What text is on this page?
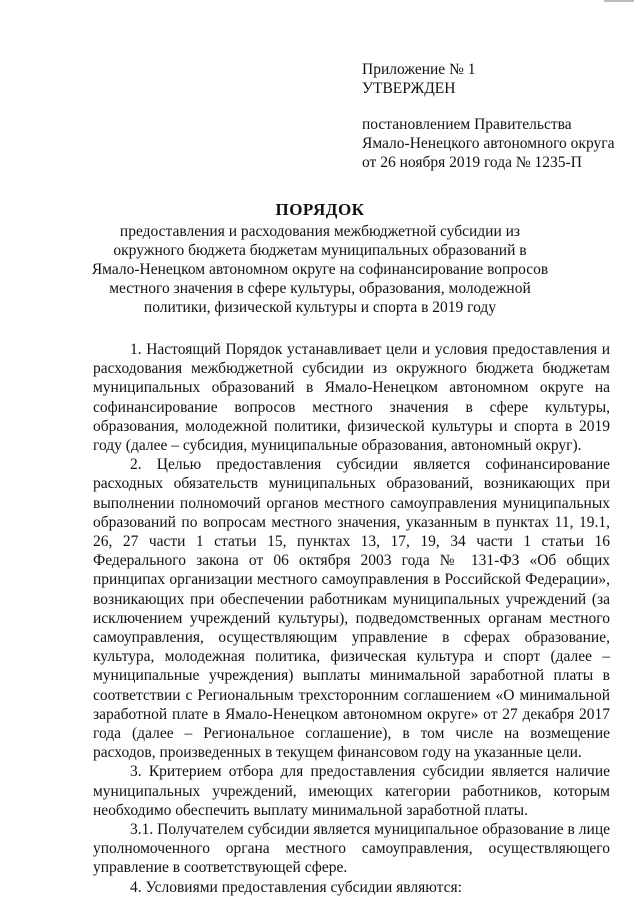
Приложение № 1
УТВЕРЖДЕН
постановлением Правительства
Ямало-Ненецкого автономного округа
от 26 ноября 2019 года № 1235-П
ПОРЯДОК
предоставления и расходования межбюджетной субсидии из окружного бюджета бюджетам муниципальных образований в Ямало-Ненецком автономном округе на софинансирование вопросов местного значения в сфере культуры, образования, молодежной политики, физической культуры и спорта в 2019 году

1. Настоящий Порядок устанавливает цели и условия предоставления и расходования межбюджетной субсидии из окружного бюджета бюджетам муниципальных образований в Ямало-Ненецком автономном округе на софинансирование вопросов местного значения в сфере культуры, образования, молодежной политики, физической культуры и спорта в 2019 году (далее – субсидия, муниципальные образования, автономный округ).

2. Целью предоставления субсидии является софинансирование расходных обязательств муниципальных образований, возникающих при выполнении полномочий органов местного самоуправления муниципальных образований по вопросам местного значения, указанным в пунктах 11, 19.1, 26, 27 части 1 статьи 15, пунктах 13, 17, 19, 34 части 1 статьи 16 Федерального закона от 06 октября 2003 года № 131-ФЗ «Об общих принципах организации местного самоуправления в Российской Федерации», возникающих при обеспечении работникам муниципальных учреждений (за исключением учреждений культуры), подведомственных органам местного самоуправления, осуществляющим управление в сферах образование, культура, молодежная политика, физическая культура и спорт (далее – муниципальные учреждения) выплаты минимальной заработной платы в соответствии с Региональным трехсторонним соглашением «О минимальной заработной плате в Ямало-Ненецком автономном округе» от 27 декабря 2017 года (далее – Региональное соглашение), в том числе на возмещение расходов, произведенных в текущем финансовом году на указанные цели.

3. Критерием отбора для предоставления субсидии является наличие муниципальных учреждений, имеющих категории работников, которым необходимо обеспечить выплату минимальной заработной платы.

3.1. Получателем субсидии является муниципальное образование в лице уполномоченного органа местного самоуправления, осуществляющего управление в соответствующей сфере.

4. Условиями предоставления субсидии являются:
